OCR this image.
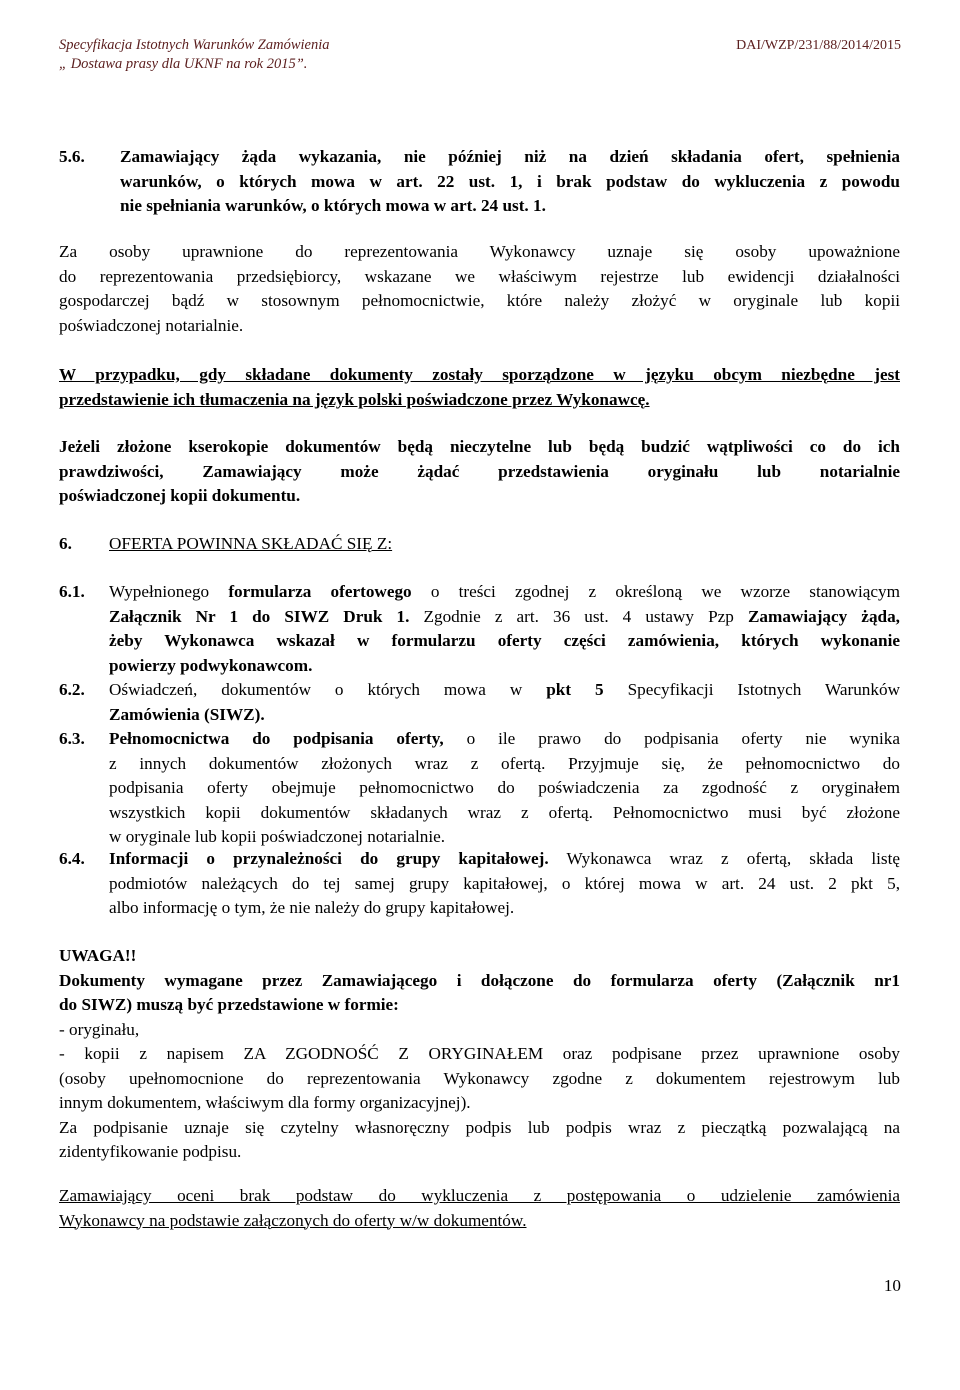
Specyfikacja Istotnych Warunków Zamówienia
„ Dostawa prasy dla UKNF na rok 2015”.
DAI/WZP/231/88/2014/2015
5.6. Zamawiający żąda wykazania, nie później niż na dzień składania ofert, spełnienia
warunków, o których mowa w art. 22 ust. 1, i brak podstaw do wykluczenia z powodu
nie spełniania warunków, o których mowa w art. 24 ust. 1.
Za osoby uprawnione do reprezentowania Wykonawcy uznaje się osoby upoważnione
do reprezentowania przedsiębiorcy, wskazane we właściwym rejestrze lub ewidencji działalności
gospodarczej bądź w stosownym pełnomocnictwie, które należy złożyć w oryginale lub kopii
poświadczonej notarialnie.
W przypadku, gdy składane dokumenty zostały sporządzone w języku obcym niezbędne jest
przedstawienie ich tłumaczenia na język polski poświadczone przez Wykonawcę.
Jeżeli złożone kserokopie dokumentów będą nieczytelne lub będą budzić wątpliwości co do ich
prawdziwości, Zamawiający może żądać przedstawienia oryginału lub notarialnie
poświadczonej kopii dokumentu.
6. OFERTA POWINNA SKŁADAĆ SIĘ Z:
6.1. Wypełnionego formularza ofertowego o treści zgodnej z określoną we wzorze stanowiącym
Załącznik Nr 1 do SIWZ Druk 1. Zgodnie z art. 36 ust. 4 ustawy Pzp Zamawiający żąda,
żeby Wykonawca wskazał w formularzu oferty części zamówienia, których wykonanie
powierzy podwykonawcom.
6.2. Oświadczeń, dokumentów o których mowa w pkt 5 Specyfikacji Istotnych Warunków
Zamówienia (SIWZ).
6.3. Pełnomocnictwa do podpisania oferty, o ile prawo do podpisania oferty nie wynika
z innych dokumentów złożonych wraz z ofertą. Przyjmuje się, że pełnomocnictwo do
podpisania oferty obejmuje pełnomocnictwo do poświadczenia za zgodność z oryginałem
wszystkich kopii dokumentów składanych wraz z ofertą. Pełnomocnictwo musi być złożone
w oryginale lub kopii poświadczonej notarialnie.
6.4. Informacji o przynależności do grupy kapitałowej. Wykonawca wraz z ofertą, składa listę
podmiotów należących do tej samej grupy kapitałowej, o której mowa w art. 24 ust. 2 pkt 5,
albo informację o tym, że nie należy do grupy kapitałowej.
UWAGA!!
Dokumenty wymagane przez Zamawiającego i dołączone do formularza oferty (Załącznik nr1
do SIWZ) muszą być przedstawione w formie:
- oryginału,
- kopii z napisem ZA ZGODNOŚĆ Z ORYGINAŁEM oraz podpisane przez uprawnione osoby
(osoby upełnomocnione do reprezentowania Wykonawcy zgodne z dokumentem rejestrowym lub
innym dokumentem, właściwym dla formy organizacyjnej).
Za podpisanie uznaje się czytelny własnoręczny podpis lub podpis wraz z pieczątką pozwalającą na
zidentyfikowanie podpisu.
Zamawiający oceni brak podstaw do wykluczenia z postępowania o udzielenie zamówienia
Wykonawcy na podstawie załączonych do oferty w/w dokumentów.
10
